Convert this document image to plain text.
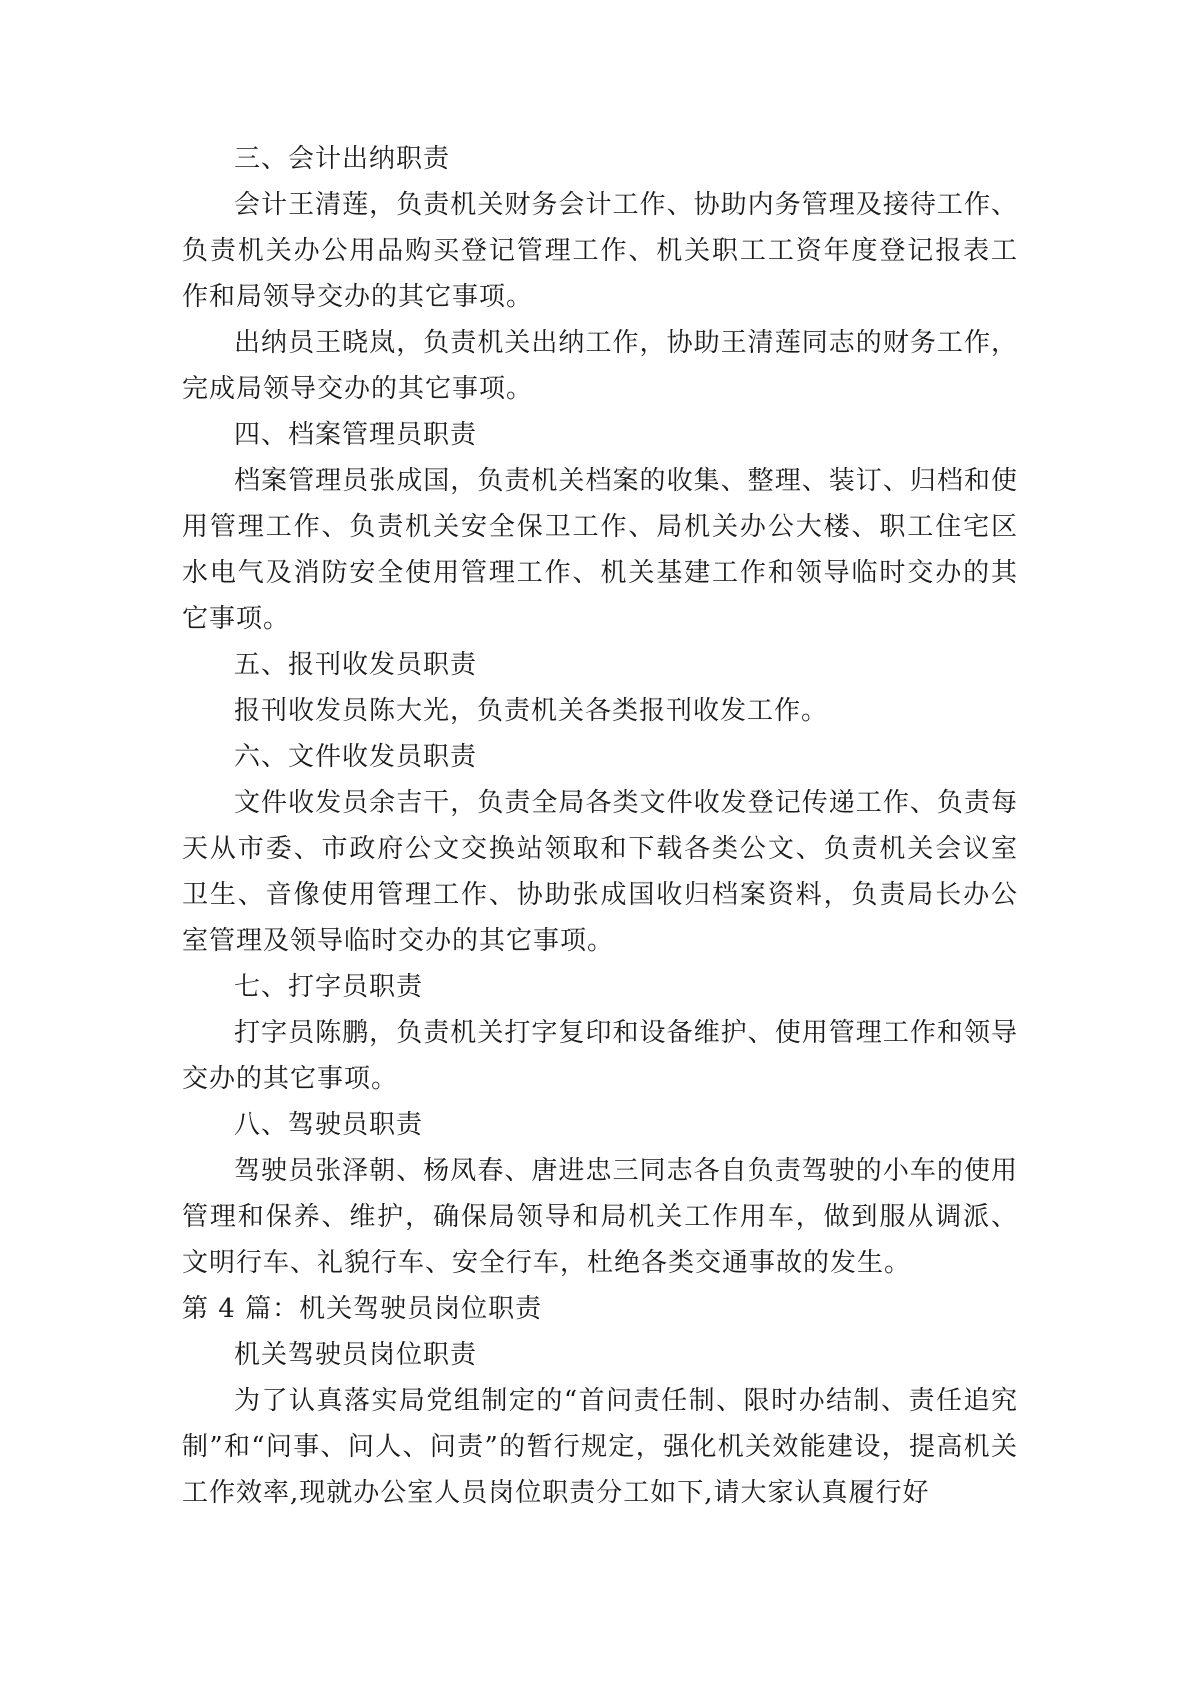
三、会计出纳职责

会计王清莲，负责机关财务会计工作、协助内务管理及接待工作、负责机关办公用品购买登记管理工作、机关职工工资年度登记报表工作和局领导交办的其它事项。

出纳员王晓岚，负责机关出纳工作，协助王清莲同志的财务工作，完成局领导交办的其它事项。

四、档案管理员职责

档案管理员张成国，负责机关档案的收集、整理、装订、归档和使用管理工作、负责机关安全保卫工作、局机关办公大楼、职工住宅区水电气及消防安全使用管理工作、机关基建工作和领导临时交办的其它事项。

五、报刊收发员职责

报刊收发员陈大光，负责机关各类报刊收发工作。

六、文件收发员职责

文件收发员余吉干，负责全局各类文件收发登记传递工作、负责每天从市委、市政府公文交换站领取和下载各类公文、负责机关会议室卫生、音像使用管理工作、协助张成国收归档案资料，负责局长办公室管理及领导临时交办的其它事项。

七、打字员职责

打字员陈鹏，负责机关打字复印和设备维护、使用管理工作和领导交办的其它事项。

八、驾驶员职责

驾驶员张泽朝、杨凤春、唐进忠三同志各自负责驾驶的小车的使用管理和保养、维护，确保局领导和局机关工作用车，做到服从调派、文明行车、礼貌行车、安全行车，杜绝各类交通事故的发生。

第 4 篇：机关驾驶员岗位职责

机关驾驶员岗位职责

为了认真落实局党组制定的“首问责任制、限时办结制、责任追究制”和“问事、问人、问责”的暂行规定，强化机关效能建设，提高机关工作效率,现就办公室人员岗位职责分工如下,请大家认真履行好
